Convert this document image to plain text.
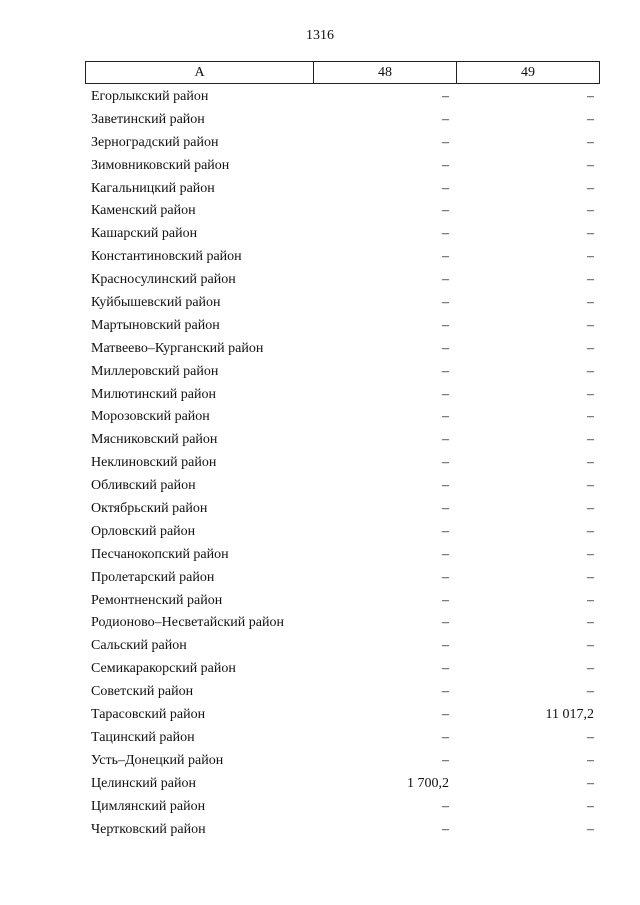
1316
А	48	49
Егорлыкский район	–	–
Заветинский район	–	–
Зерноградский район	–	–
Зимовниковский район	–	–
Кагальницкий район	–	–
Каменский район	–	–
Кашарский район	–	–
Константиновский район	–	–
Красносулинский район	–	–
Куйбышевский район	–	–
Мартыновский район	–	–
Матвеево–Курганский район	–	–
Миллеровский район	–	–
Милютинский район	–	–
Морозовский район	–	–
Мясниковский район	–	–
Неклиновский район	–	–
Обливский район	–	–
Октябрьский район	–	–
Орловский район	–	–
Песчанокопский район	–	–
Пролетарский район	–	–
Ремонтненский район	–	–
Родионово–Несветайский район	–	–
Сальский район	–	–
Семикаракорский район	–	–
Советский район	–	–
Тарасовский район	–	11 017,2
Тацинский район	–	–
Усть–Донецкий район	–	–
Целинский район	1 700,2	–
Цимлянский район	–	–
Чертковский район	–	–
